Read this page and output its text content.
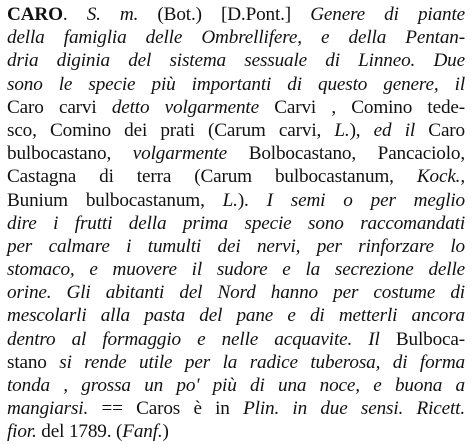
CARO. S. m. (Bot.) [D.Pont.] Genere di piante
della famiglia delle Ombrellifere, e della Pentan-
dria diginia del sistema sessuale di Linneo. Due
sono le specie più importanti di questo genere, il
Caro carvi detto volgarmente Carvi , Comino tede-
sco, Comino dei prati (Carum carvi, L.), ed il Caro
bulbocastano, volgarmente Bolbocastano, Pancaciolo,
Castagna di terra (Carum bulbocastanum, Kock.,
Bunium bulbocastanum, L.). I semi o per meglio
dire i frutti della prima specie sono raccomandati
per calmare i tumulti dei nervi, per rinforzare lo
stomaco, e muovere il sudore e la secrezione delle
orine. Gli abitanti del Nord hanno per costume di
mescolarli alla pasta del pane e di metterli ancora
dentro al formaggio e nelle acquavite. Il Bulboca-
stano si rende utile per la radice tuberosa, di forma
tonda , grossa un po' più di una noce, e buona a
mangiarsi. == Caros è in Plin. in due sensi. Ricett.
fior. del 1789. (Fanf.)
